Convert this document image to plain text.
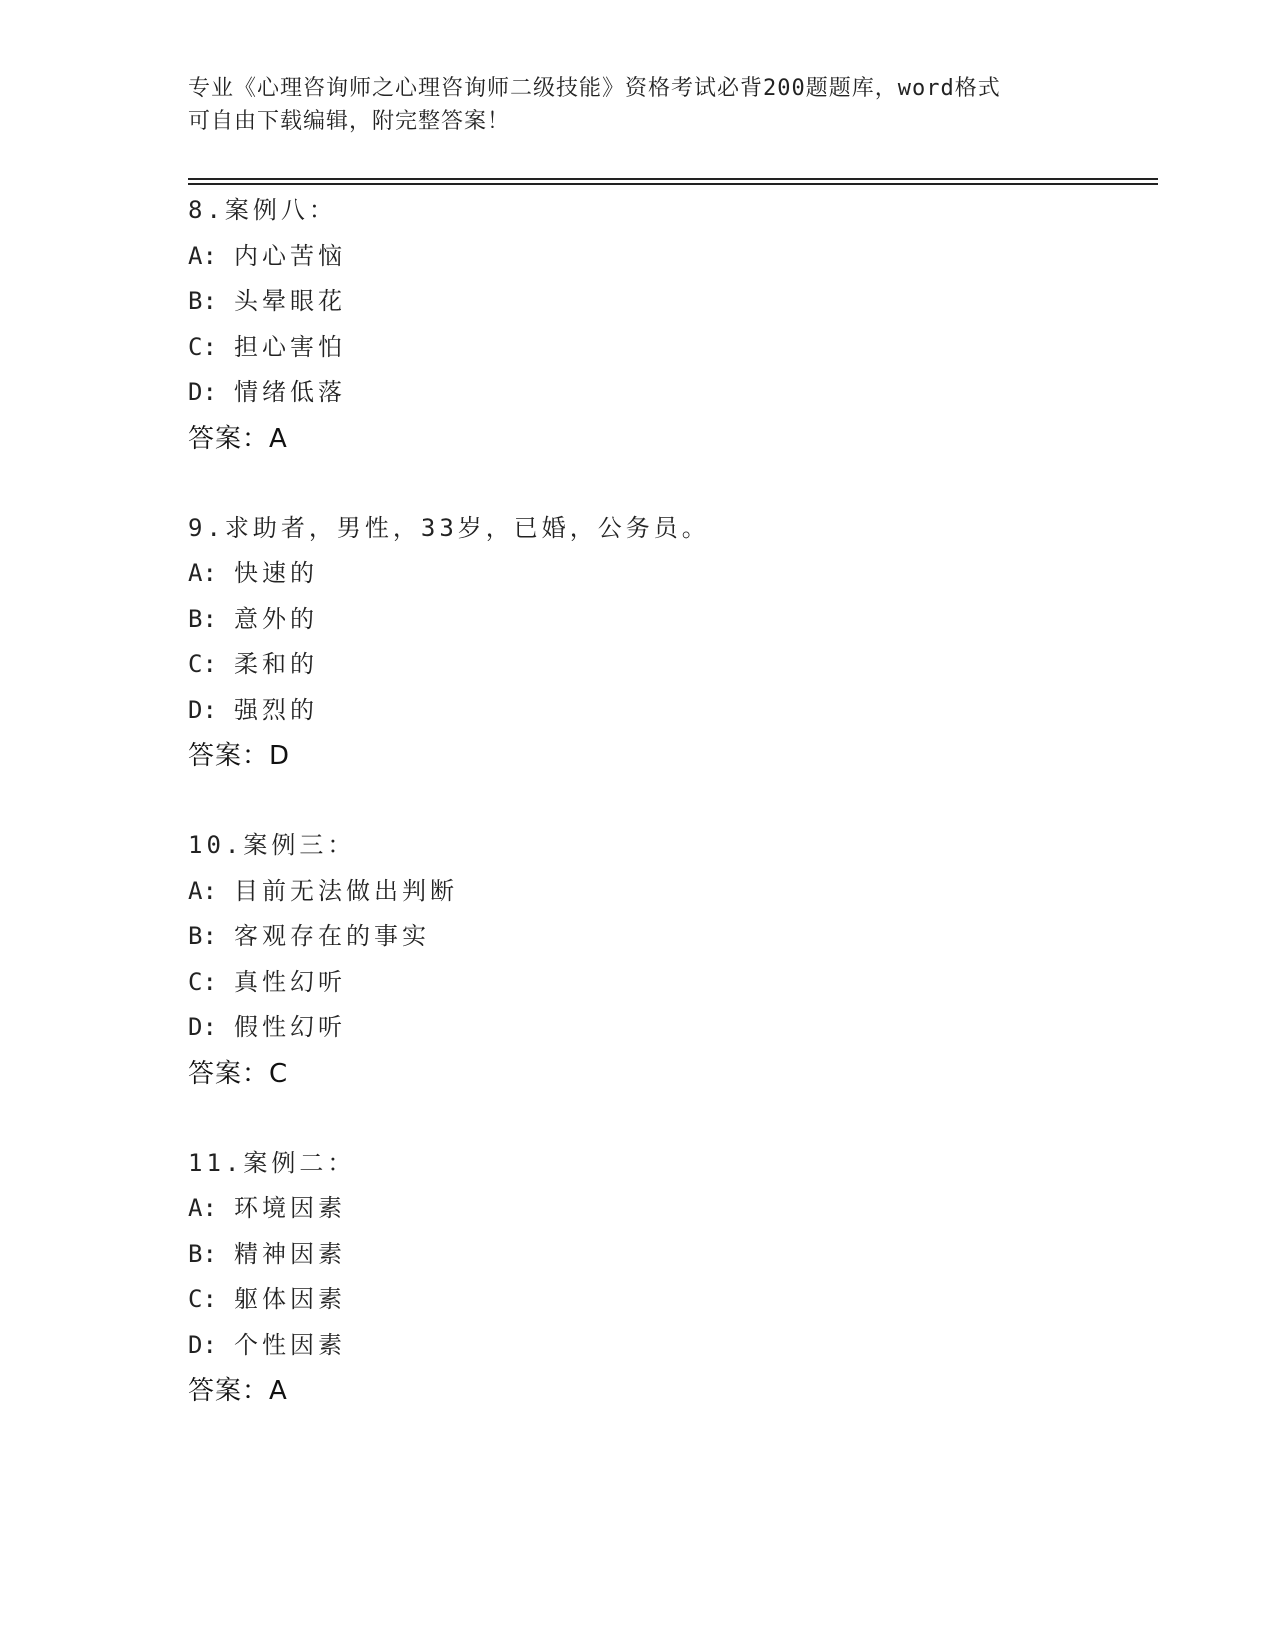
专业《心理咨询师之心理咨询师二级技能》资格考试必背200题题库，word格式
可自由下载编辑，附完整答案！
8.案例八：
A: 内心苦恼
B: 头晕眼花
C: 担心害怕
D: 情绪低落
答案：A
9.求助者，男性，33岁，已婚，公务员。
A: 快速的
B: 意外的
C: 柔和的
D: 强烈的
答案：D
10.案例三：
A: 目前无法做出判断
B: 客观存在的事实
C: 真性幻听
D: 假性幻听
答案：C
11.案例二：
A: 环境因素
B: 精神因素
C: 躯体因素
D: 个性因素
答案：A
